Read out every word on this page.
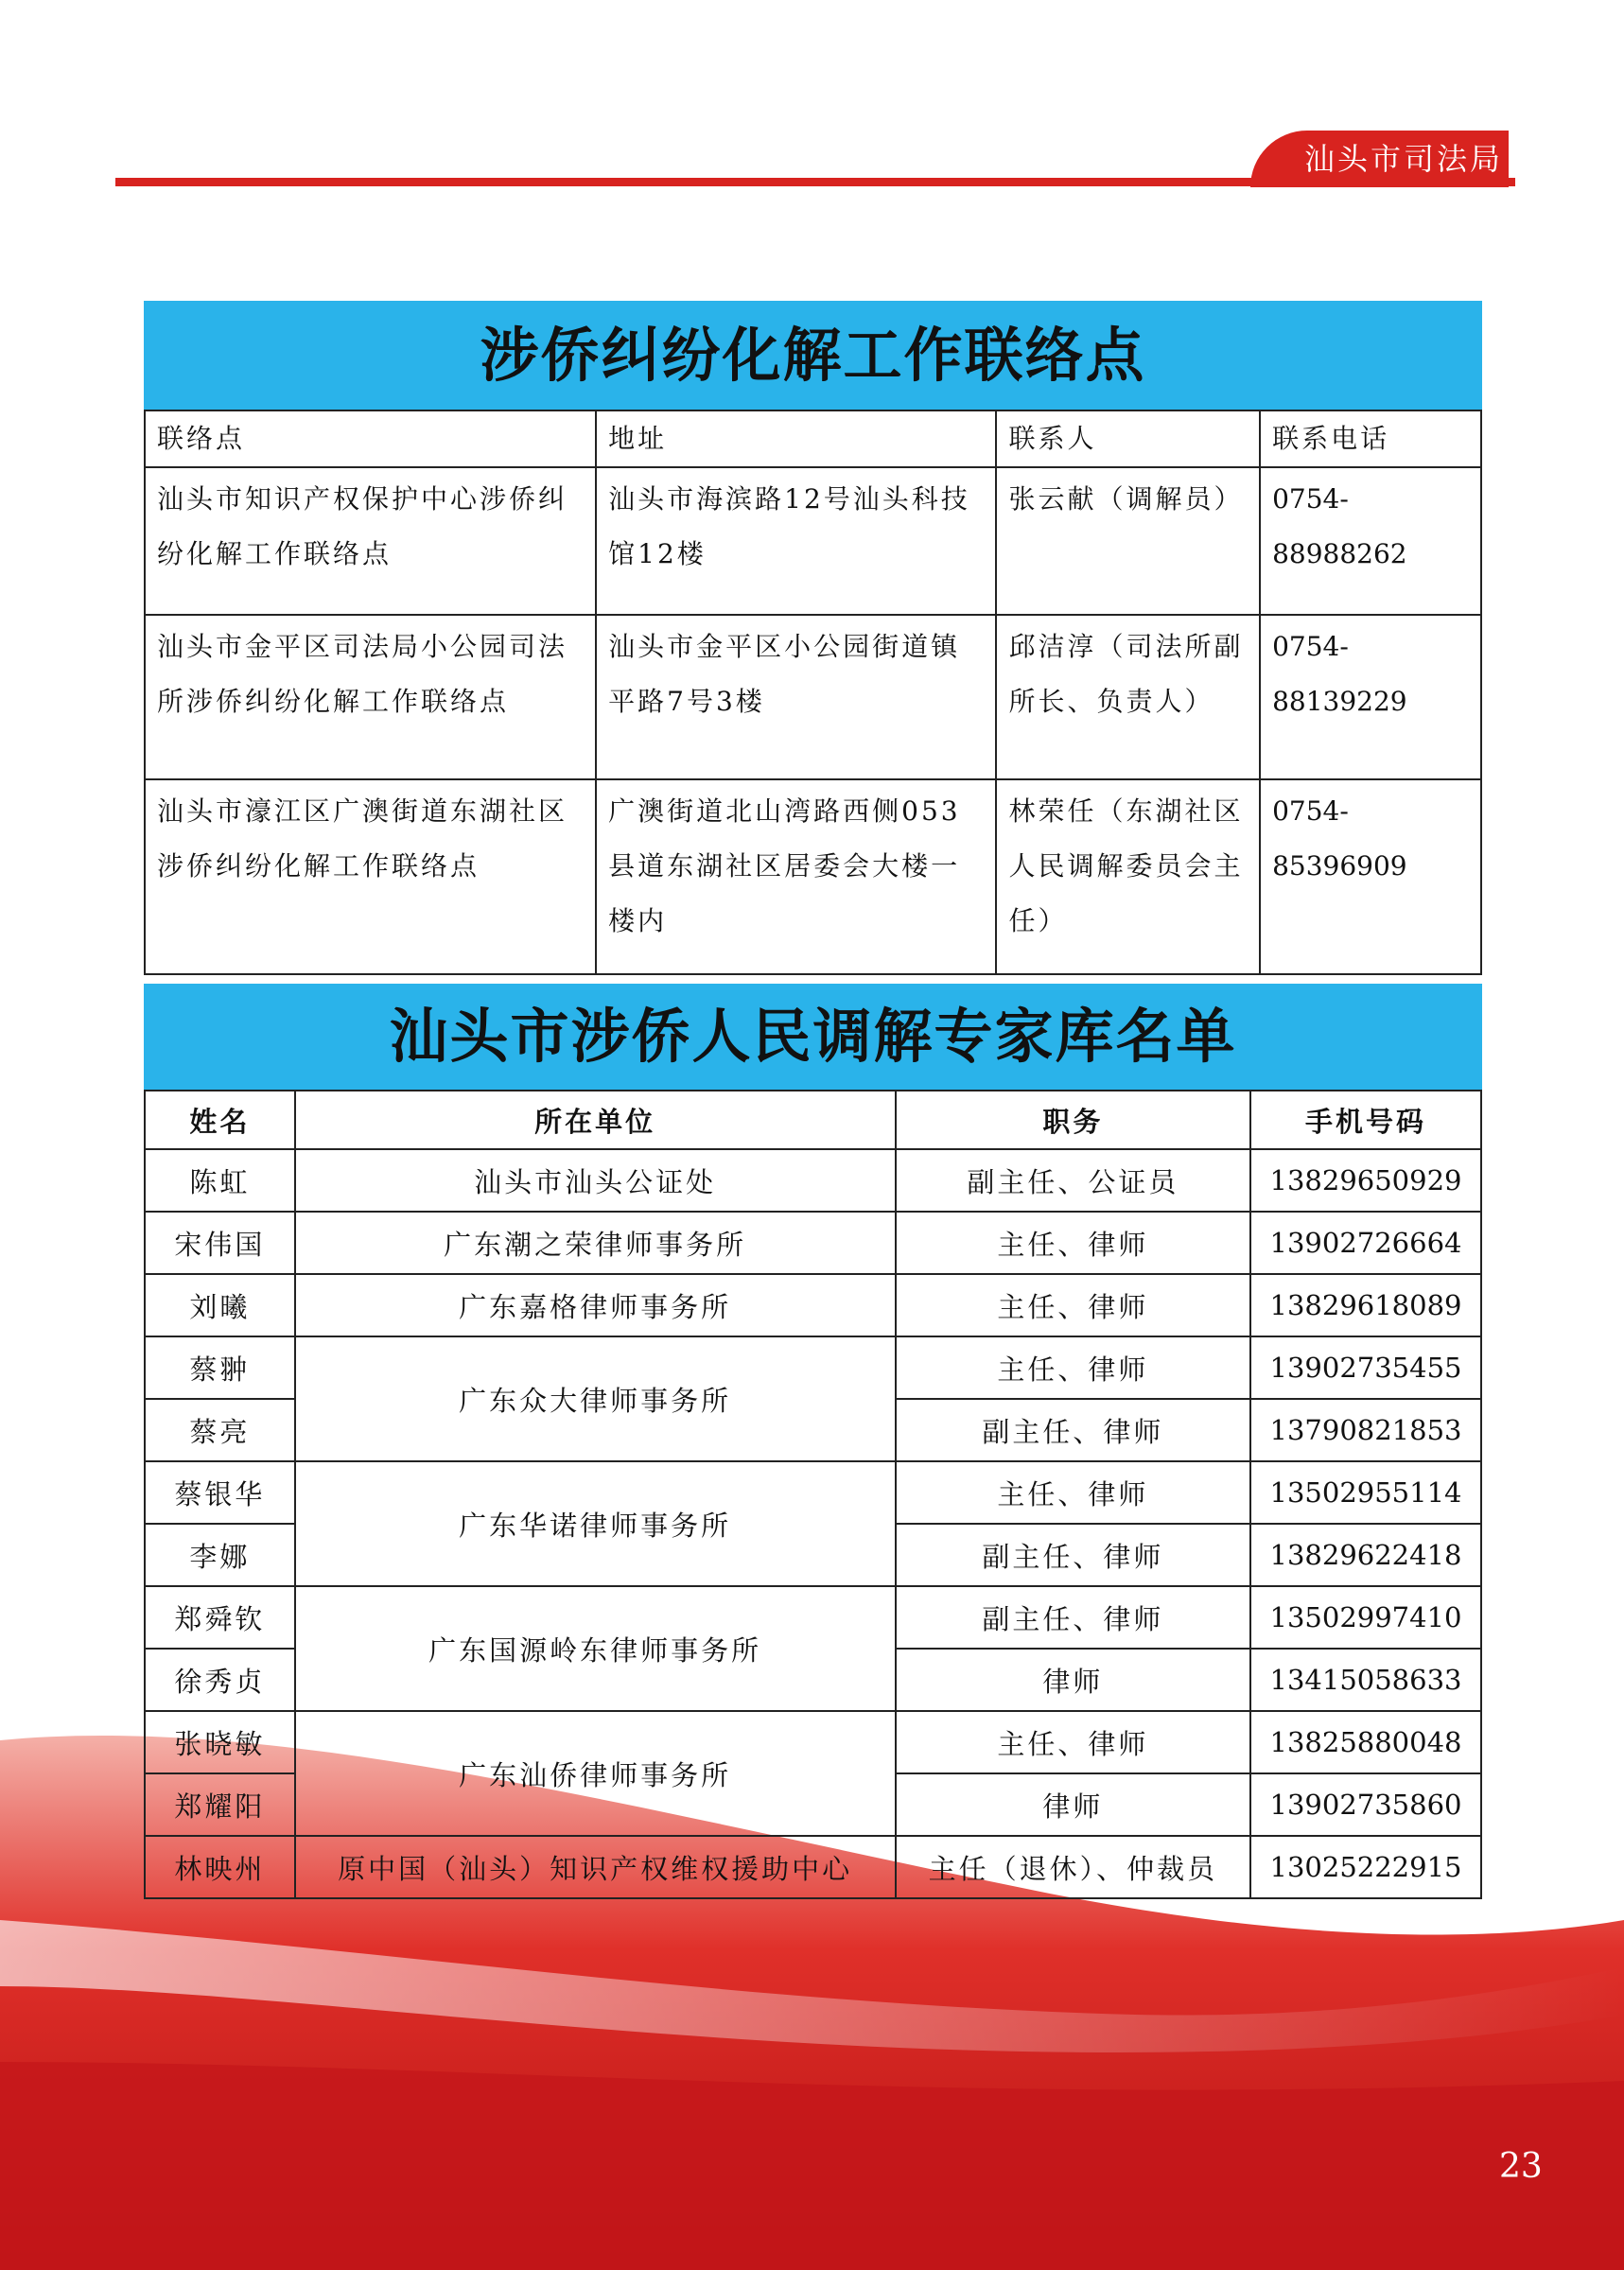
汕头市司法局
涉侨纠纷化解工作联络点
联络点	地址	联系人	联系电话
汕头市知识产权保护中心涉侨纠纷化解工作联络点	汕头市海滨路12号汕头科技馆12楼	张云献（调解员）	0754-88988262
汕头市金平区司法局小公园司法所涉侨纠纷化解工作联络点	汕头市金平区小公园街道镇平路7号3楼	邱洁淳（司法所副所长、负责人）	0754-88139229
汕头市濠江区广澳街道东湖社区涉侨纠纷化解工作联络点	广澳街道北山湾路西侧053县道东湖社区居委会大楼一楼内	林荣任（东湖社区人民调解委员会主任）	0754-85396909
汕头市涉侨人民调解专家库名单
姓名	所在单位	职务	手机号码
陈虹	汕头市汕头公证处	副主任、公证员	13829650929
宋伟国	广东潮之荣律师事务所	主任、律师	13902726664
刘曦	广东嘉格律师事务所	主任、律师	13829618089
蔡翀	广东众大律师事务所	主任、律师	13902735455
蔡亮		副主任、律师	13790821853
蔡银华	广东华诺律师事务所	主任、律师	13502955114
李娜		副主任、律师	13829622418
郑舜钦	广东国源岭东律师事务所	副主任、律师	13502997410
徐秀贞		律师	13415058633
张晓敏	广东汕侨律师事务所	主任、律师	13825880048
郑耀阳		律师	13902735860
林映州	原中国（汕头）知识产权维权援助中心	主任（退休）、仲裁员	13025222915
23
